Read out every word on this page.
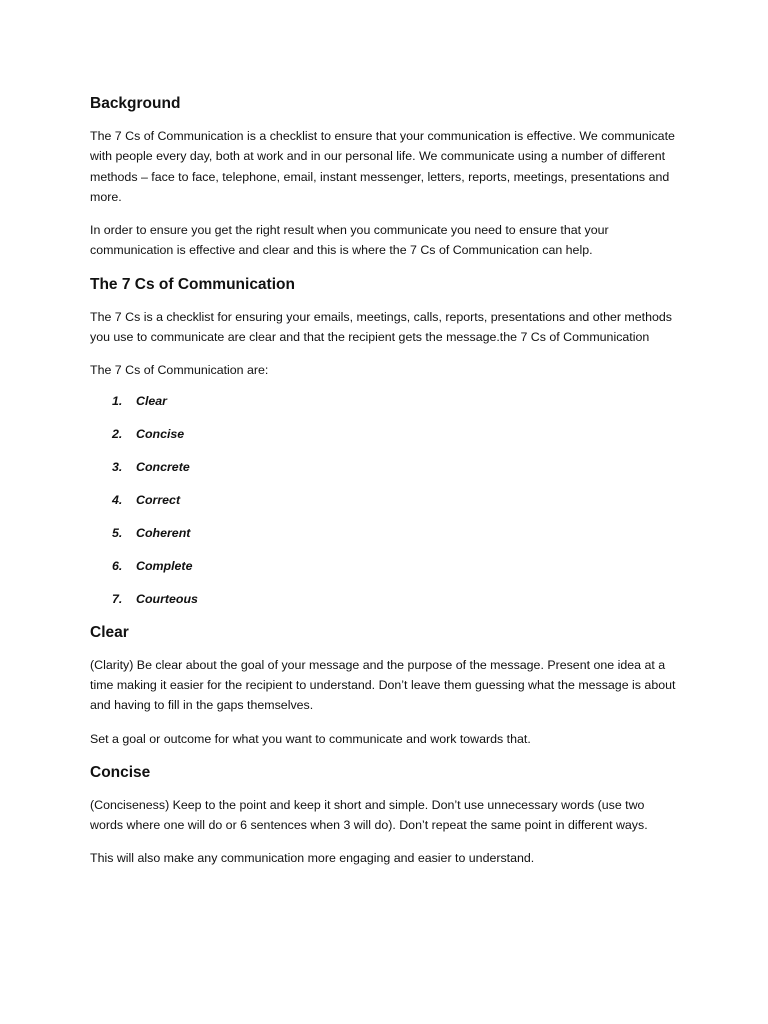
Background

The 7 Cs of Communication is a checklist to ensure that your communication is effective. We communicate with people every day, both at work and in our personal life. We communicate using a number of different methods – face to face, telephone, email, instant messenger, letters, reports, meetings, presentations and more.

In order to ensure you get the right result when you communicate you need to ensure that your communication is effective and clear and this is where the 7 Cs of Communication can help.

The 7 Cs of Communication

The 7 Cs is a checklist for ensuring your emails, meetings, calls, reports, presentations and other methods you use to communicate are clear and that the recipient gets the message.the 7 Cs of Communication

The 7 Cs of Communication are:

1.	Clear
2.	Concise
3.	Concrete
4.	Correct
5.	Coherent
6.	Complete
7.	Courteous
Clear

(Clarity) Be clear about the goal of your message and the purpose of the message. Present one idea at a time making it easier for the recipient to understand. Don’t leave them guessing what the message is about and having to fill in the gaps themselves.

Set a goal or outcome for what you want to communicate and work towards that.

Concise

(Conciseness) Keep to the point and keep it short and simple. Don’t use unnecessary words (use two words where one will do or 6 sentences when 3 will do). Don’t repeat the same point in different ways.

This will also make any communication more engaging and easier to understand.
